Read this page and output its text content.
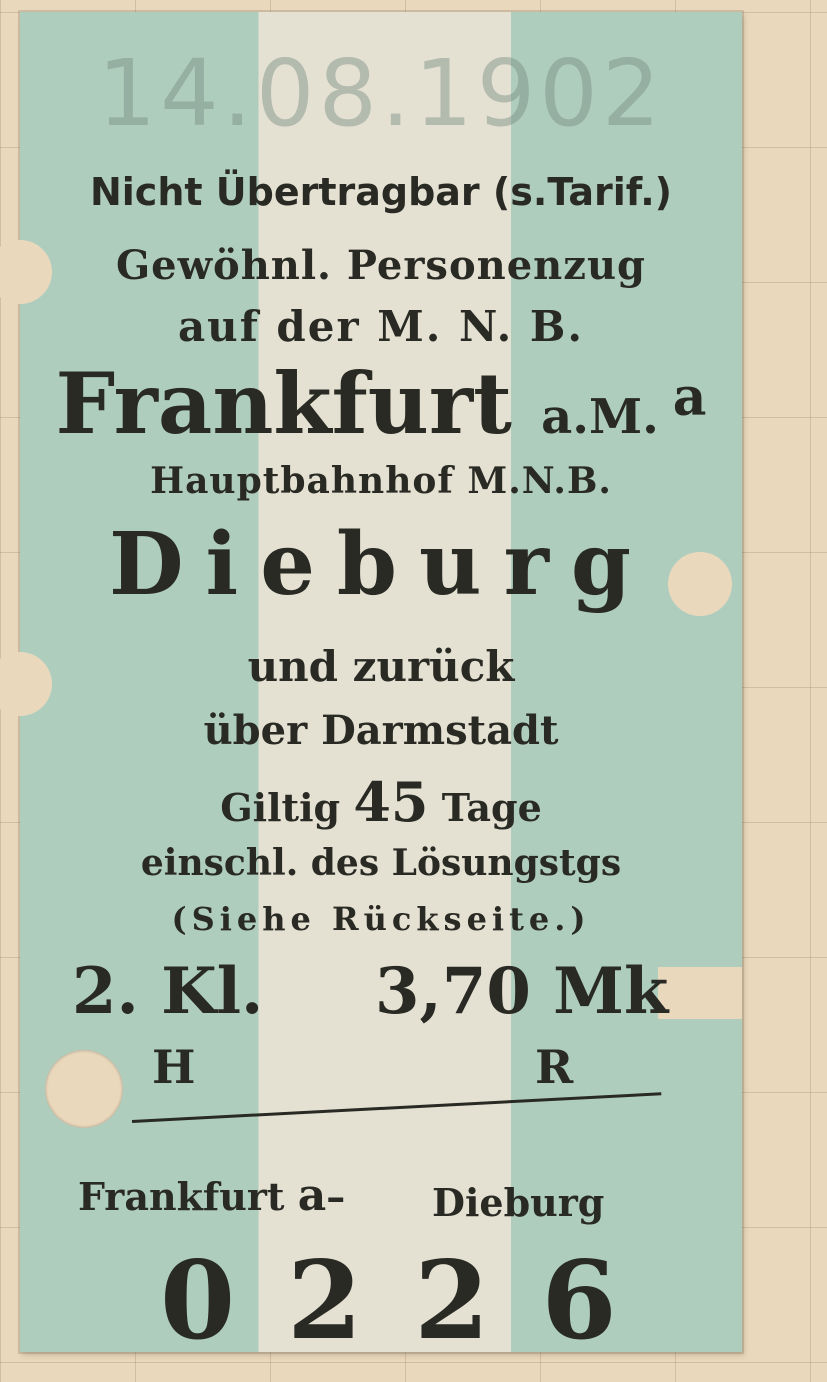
14.08.1902
Nicht Übertragbar (s.Tarif.)
Gewöhnl. Personenzug
auf der M. N. B.
Frankfurt a.M. $^a$
Hauptbahnhof M.N.B.
Dieburg
und zurück
über Darmstadt
Giltig 45 Tage
einschl. des Lösungstgs
(Siehe Rückseite.)
2. Kl. 3,70 Mk
H	R
Frankfurt a– Dieburg
0226
